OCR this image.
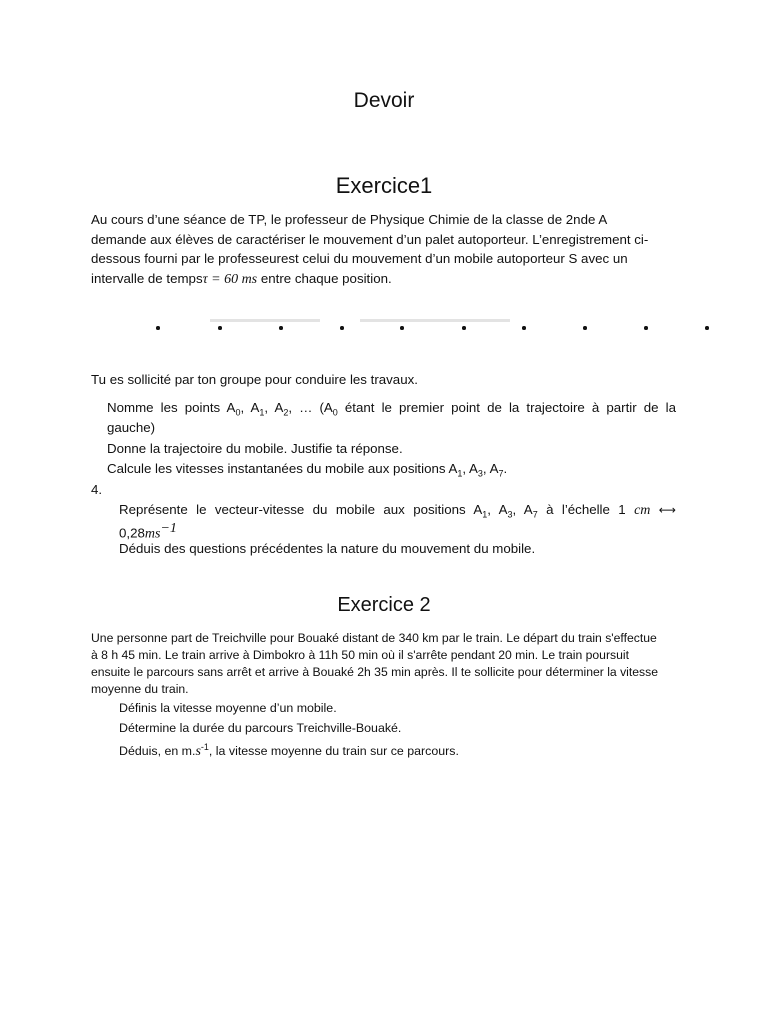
Devoir
Exercice1
Au cours d’une séance de TP, le professeur de Physique Chimie de la classe de 2nde A demande aux élèves de caractériser le mouvement d’un palet autoporteur. L’enregistrement ci-dessous fourni par le professeurest celui du mouvement d’un mobile autoporteur S avec un intervalle de tempsτ = 60 ms entre chaque position.
Tu es sollicité par ton groupe pour conduire les travaux.
Nomme les points $A_0$, $A_1$, $A_2$, … ($A_0$ étant le premier point de la trajectoire à partir de la
gauche)
Donne la trajectoire du mobile. Justifie ta réponse.
Calcule les vitesses instantanées du mobile aux positions $A_1$, $A_3$, $A_7$.
4.
Représente le vecteur-vitesse du mobile aux positions $A_1$, $A_3$, $A_7$ à l’échelle 1 cm ⟷
$0,28ms^{-1}$
Déduis des questions précédentes la nature du mouvement du mobile.
Exercice 2
Une personne part de Treichville pour Bouaké distant de 340 km par le train. Le départ du train s'effectue à 8 h 45 min. Le train arrive à Dimbokro à 11h 50 min où il s'arrête pendant 20 min. Le train poursuit ensuite le parcours sans arrêt et arrive à Bouaké 2h 35 min après. Il te sollicite pour déterminer la vitesse moyenne du train.
Définis la vitesse moyenne d’un mobile.
Détermine la durée du parcours Treichville-Bouaké.
Déduis, en $m.s^{-1}$, la vitesse moyenne du train sur ce parcours.
